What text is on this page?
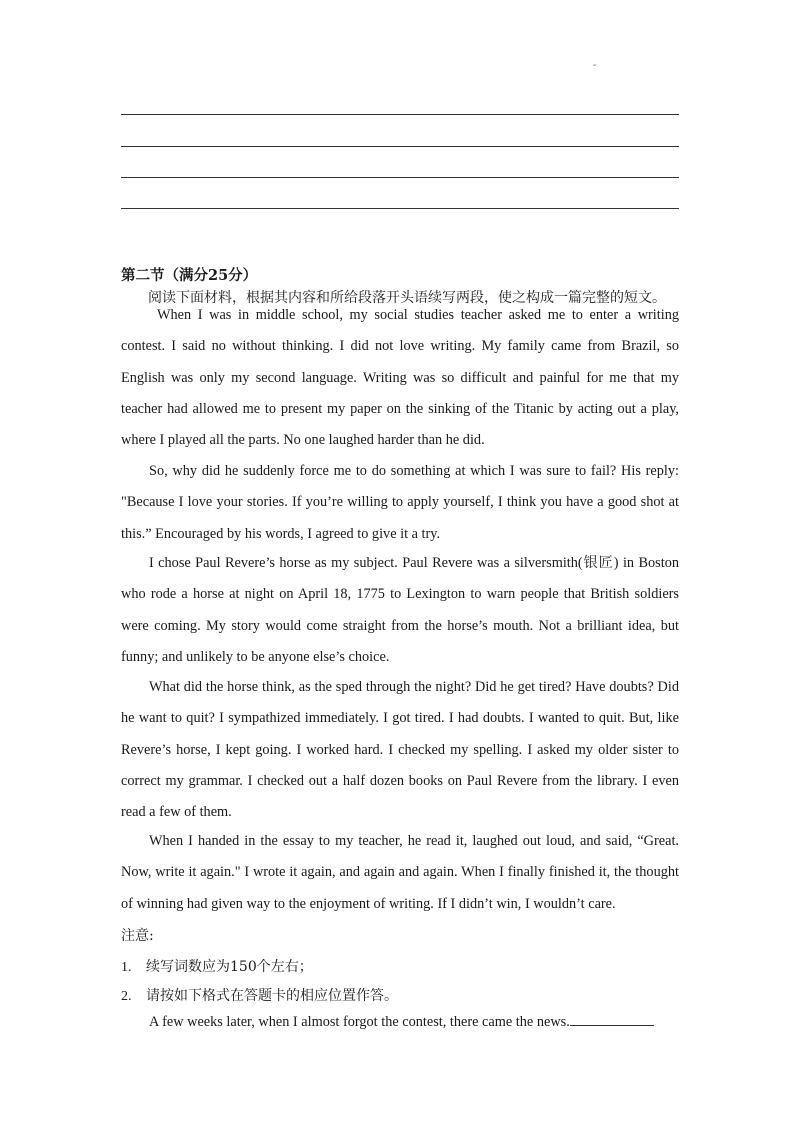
-
第二节（满分25分）
阅读下面材料，根据其内容和所给段落开头语续写两段，使之构成一篇完整的短文。

When I was in middle school, my social studies teacher asked me to enter a writing contest. I said no without thinking. I did not love writing. My family came from Brazil, so English was only my second language. Writing was so difficult and painful for me that my teacher had allowed me to present my paper on the sinking of the Titanic by acting out a play, where I played all the parts. No one laughed harder than he did.

So, why did he suddenly force me to do something at which I was sure to fail? His reply: "Because I love your stories. If you’re willing to apply yourself, I think you have a good shot at this.” Encouraged by his words, I agreed to give it a try.

I chose Paul Revere’s horse as my subject. Paul Revere was a silversmith(银匠) in Boston who rode a horse at night on April 18, 1775 to Lexington to warn people that British soldiers were coming. My story would come straight from the horse’s mouth. Not a brilliant idea, but funny; and unlikely to be anyone else’s choice.

What did the horse think, as the sped through the night? Did he get tired? Have doubts? Did he want to quit? I sympathized immediately. I got tired. I had doubts. I wanted to quit. But, like Revere’s horse, I kept going. I worked hard. I checked my spelling. I asked my older sister to correct my grammar. I checked out a half dozen books on Paul Revere from the library. I even read a few of them.

When I handed in the essay to my teacher, he read it, laughed out loud, and said, “Great. Now, write it again." I wrote it again, and again and again. When I finally finished it, the thought of winning had given way to the enjoyment of writing. If I didn’t win, I wouldn’t care.

注意:
1. 续写词数应为150个左右；
2. 请按如下格式在答题卡的相应位置作答。
A few weeks later, when I almost forgot the contest, there came the news.
